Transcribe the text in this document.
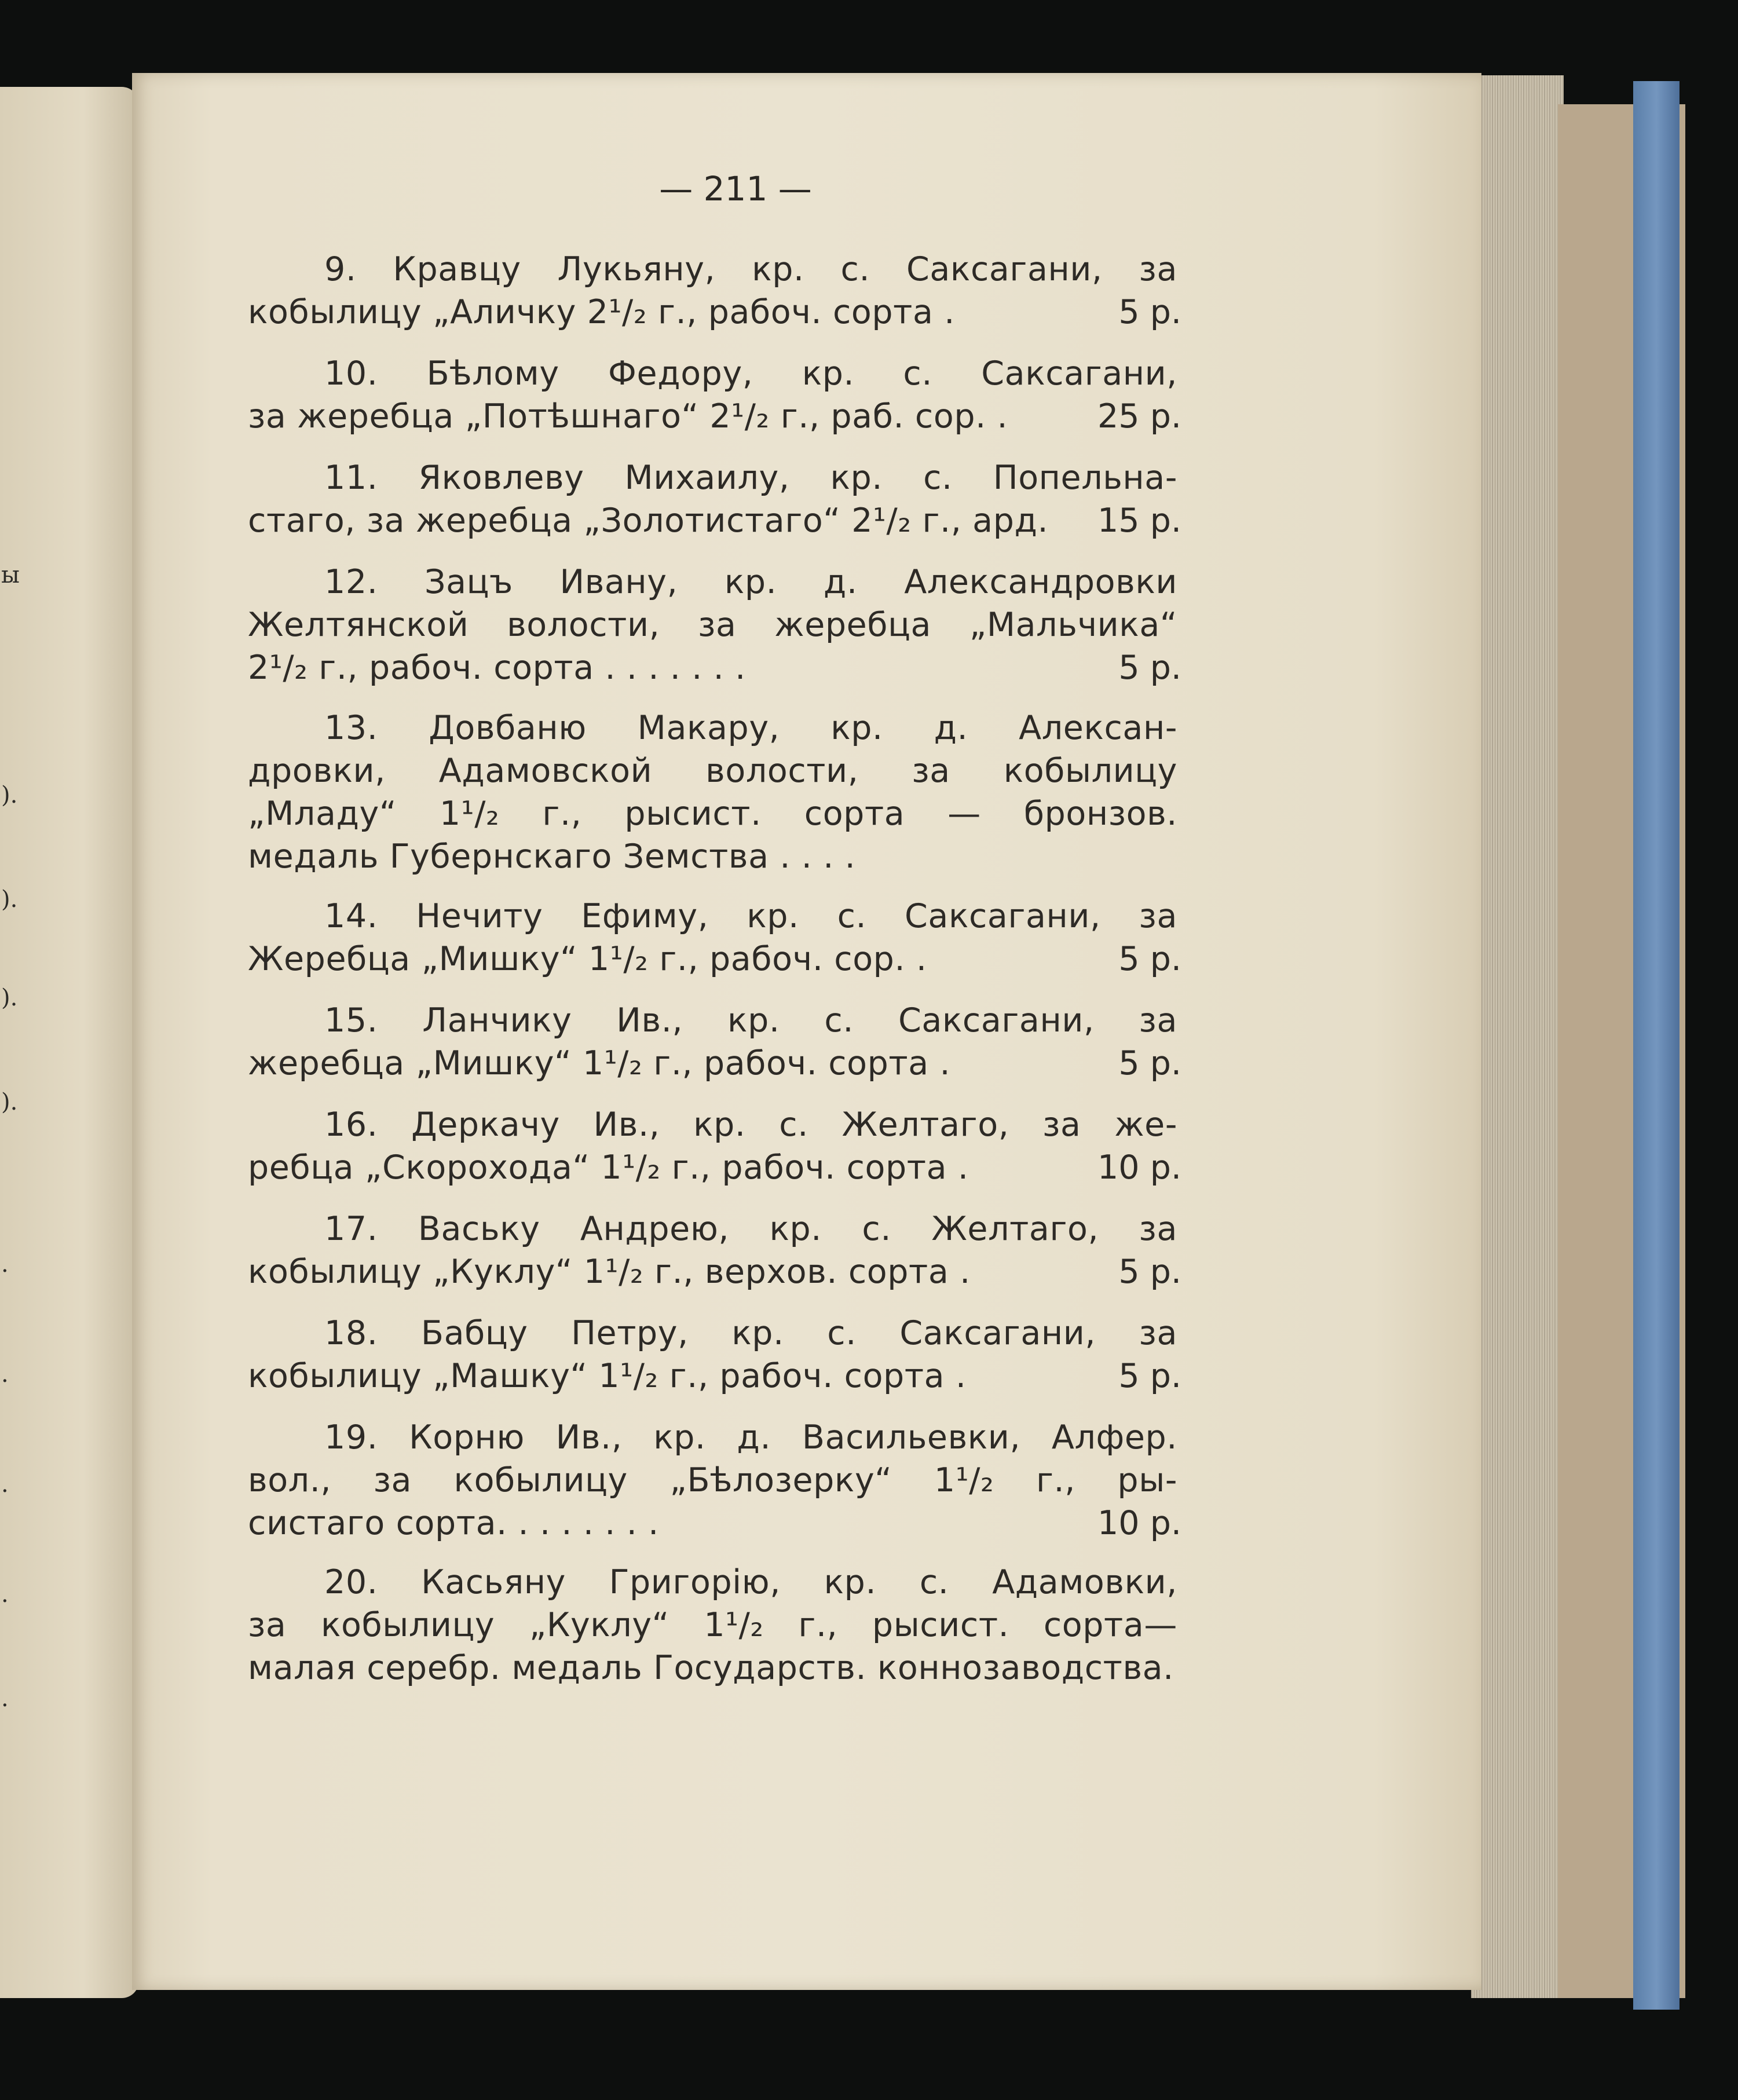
ы
).
).
).
).
.
.
.
.
.
— 211 —
9. Кравцу Лукьяну, кр. с. Саксагани, за
кобылицу „Аличку 2¹/₂ г., рабоч. сорта .	5 р.
10. Бѣлому Федору, кр. с. Саксагани,
за жеребца „Потѣшнаго“ 2¹/₂ г., раб. сор. .	25 р.
11. Яковлеву Михаилу, кр. с. Попельна-
стаго, за жеребца „Золотистаго“ 2¹/₂ г., ард.	15 р.
12. Зацъ Ивану, кр. д. Александровки
Желтянской волости, за жеребца „Мальчика“
2¹/₂ г., рабоч. сорта . . . . . . .	5 р.
13. Довбаню Макару, кр. д. Алексан-
дровки, Адамовской волости, за кобылицу
„Младу“ 1¹/₂ г., рысист. сорта — бронзов.
медаль Губернскаго Земства . . . .
14. Нечиту Ефиму, кр. с. Саксагани, за
Жеребца „Мишку“ 1¹/₂ г., рабоч. сор. .	5 р.
15. Ланчику Ив., кр. с. Саксагани, за
жеребца „Мишку“ 1¹/₂ г., рабоч. сорта .	5 р.
16. Деркачу Ив., кр. с. Желтаго, за же-
ребца „Скорохода“ 1¹/₂ г., рабоч. сорта .	10 р.
17. Ваську Андрею, кр. с. Желтаго, за
кобылицу „Куклу“ 1¹/₂ г., верхов. сорта .	5 р.
18. Бабцу Петру, кр. с. Саксагани, за
кобылицу „Машку“ 1¹/₂ г., рабоч. сорта .	5 р.
19. Корню Ив., кр. д. Васильевки, Алфер.
вол., за кобылицу „Бѣлозерку“ 1¹/₂ г., ры-
систаго сорта. . . . . . . .	10 р.
20. Касьяну Григорію, кр. с. Адамовки,
за кобылицу „Куклу“ 1¹/₂ г., рысист. сорта—
малая серебр. медаль Государств. коннозаводства.
